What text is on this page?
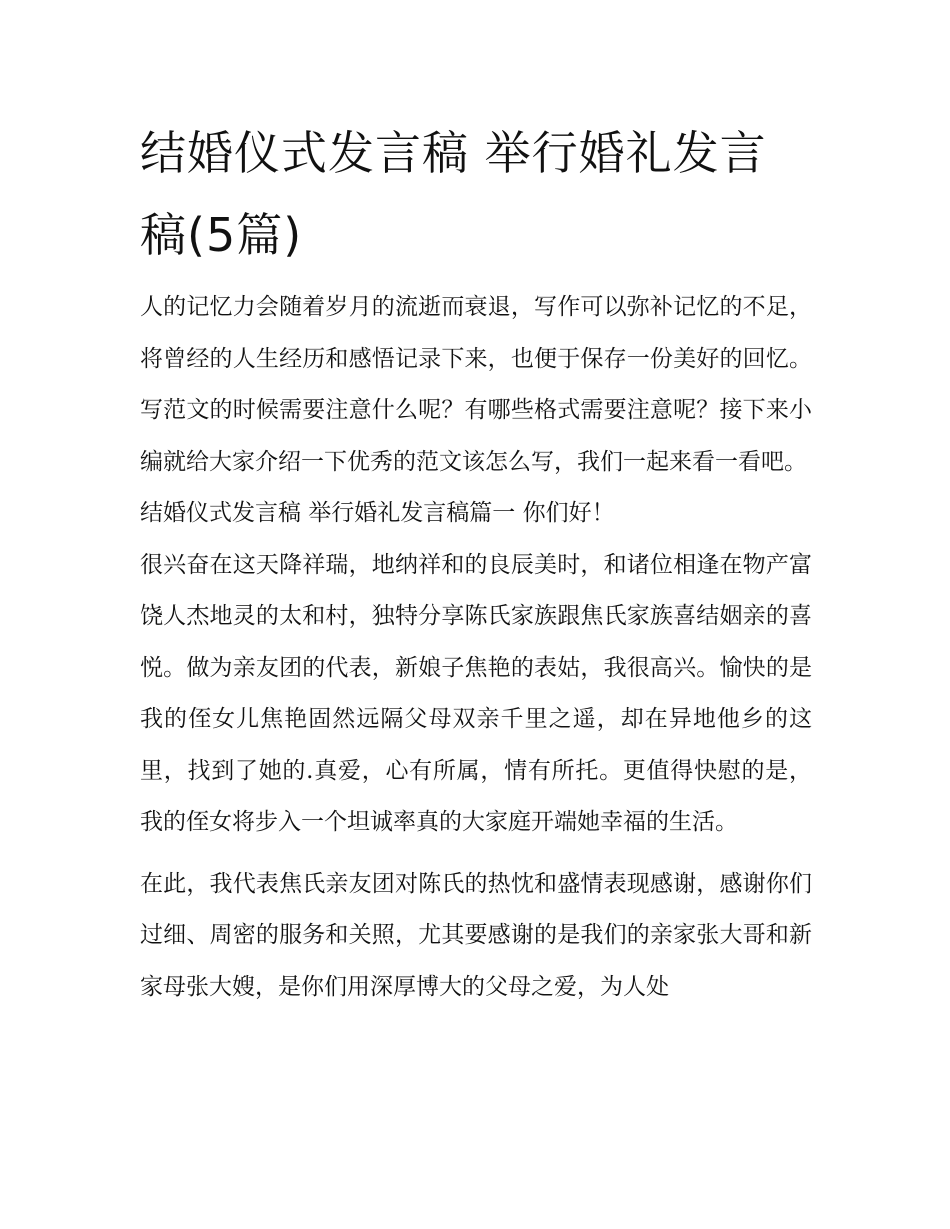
结婚仪式发言稿 举行婚礼发言稿(5篇)

人的记忆力会随着岁月的流逝而衰退，写作可以弥补记忆的不足，将曾经的人生经历和感悟记录下来，也便于保存一份美好的回忆。写范文的时候需要注意什么呢？有哪些格式需要注意呢？接下来小编就给大家介绍一下优秀的范文该怎么写，我们一起来看一看吧。

结婚仪式发言稿 举行婚礼发言稿篇一 你们好！

很兴奋在这天降祥瑞，地纳祥和的良辰美时，和诸位相逢在物产富饶人杰地灵的太和村，独特分享陈氏家族跟焦氏家族喜结姻亲的喜悦。做为亲友团的代表，新娘子焦艳的表姑，我很高兴。愉快的是我的侄女儿焦艳固然远隔父母双亲千里之遥，却在异地他乡的这里，找到了她的.真爱，心有所属，情有所托。更值得快慰的是，我的侄女将步入一个坦诚率真的大家庭开端她幸福的生活。

在此，我代表焦氏亲友团对陈氏的热忱和盛情表现感谢，感谢你们过细、周密的服务和关照，尤其要感谢的是我们的亲家张大哥和新家母张大嫂，是你们用深厚博大的父母之爱，为人处
